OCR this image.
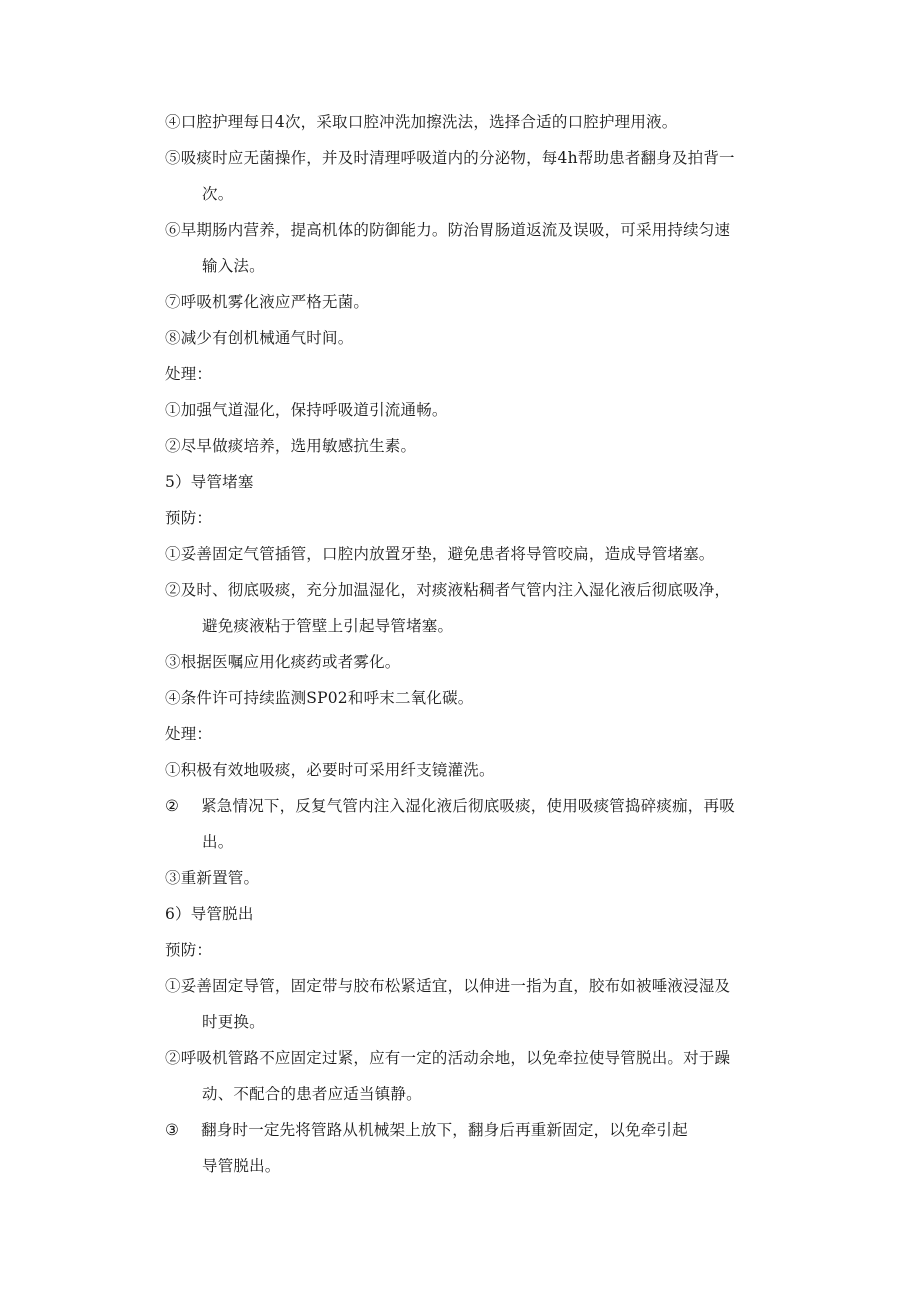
④口腔护理每日4次，采取口腔冲洗加擦洗法，选择合适的口腔护理用液。
⑤吸痰时应无菌操作，并及时清理呼吸道内的分泌物，每4h帮助患者翻身及拍背一
次。
⑥早期肠内营养，提高机体的防御能力。防治胃肠道返流及误吸，可采用持续匀速
输入法。
⑦呼吸机雾化液应严格无菌。
⑧减少有创机械通气时间。
处理：
①加强气道湿化，保持呼吸道引流通畅。
②尽早做痰培养，选用敏感抗生素。
5）导管堵塞
预防：
①妥善固定气管插管，口腔内放置牙垫，避免患者将导管咬扁，造成导管堵塞。
②及时、彻底吸痰，充分加温湿化，对痰液粘稠者气管内注入湿化液后彻底吸净，
避免痰液粘于管壁上引起导管堵塞。
③根据医嘱应用化痰药或者雾化。
④条件许可持续监测SP02和呼末二氧化碳。
处理：
①积极有效地吸痰，必要时可采用纤支镜灌洗。
② 紧急情况下，反复气管内注入湿化液后彻底吸痰，使用吸痰管捣碎痰痂，再吸
出。
③重新置管。
6）导管脱出
预防：
①妥善固定导管，固定带与胶布松紧适宜，以伸进一指为直，胶布如被唾液浸湿及
时更换。
②呼吸机管路不应固定过紧，应有一定的活动余地，以免牵拉使导管脱出。对于躁
动、不配合的患者应适当镇静。
③ 翻身时一定先将管路从机械架上放下，翻身后再重新固定，以免牵引起
导管脱出。
